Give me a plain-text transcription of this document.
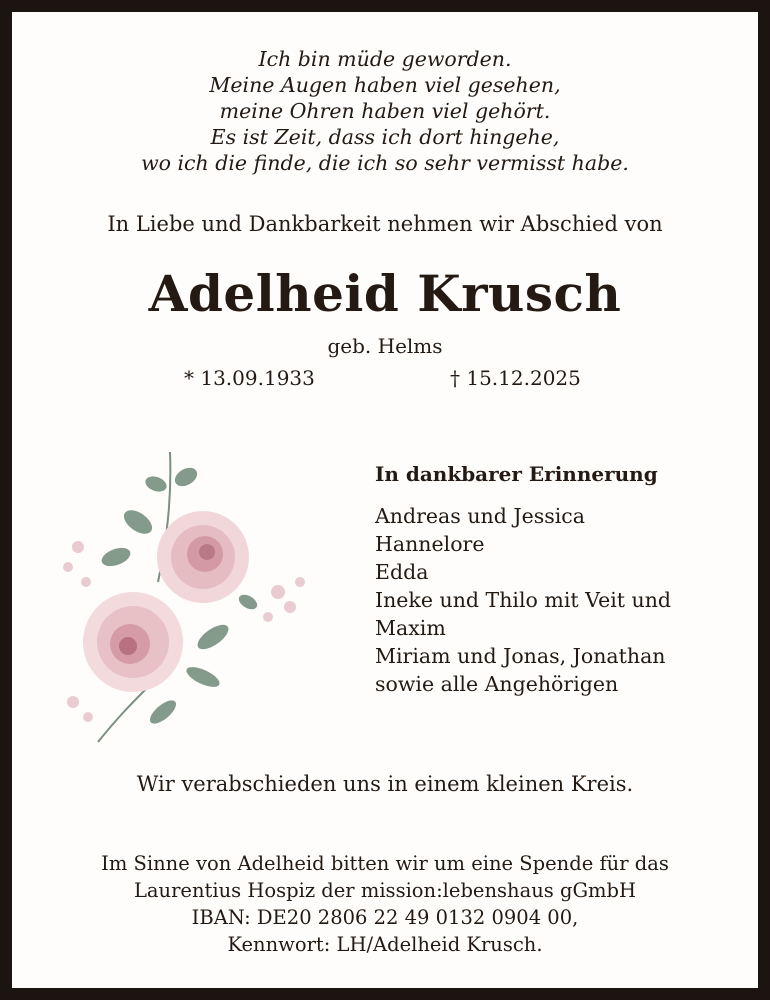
Ich bin müde geworden.
Meine Augen haben viel gesehen,
meine Ohren haben viel gehört.
Es ist Zeit, dass ich dort hingehe,
wo ich die finde, die ich so sehr vermisst habe.
In Liebe und Dankbarkeit nehmen wir Abschied von
Adelheid Krusch
geb. Helms
* 13.09.1933	† 15.12.2025
In dankbarer Erinnerung
Andreas und Jessica
Hannelore
Edda
Ineke und Thilo mit Veit und
Maxim
Miriam und Jonas, Jonathan
sowie alle Angehörigen
Wir verabschieden uns in einem kleinen Kreis.
Im Sinne von Adelheid bitten wir um eine Spende für das
Laurentius Hospiz der mission:lebenshaus gGmbH
IBAN: DE20 2806 22 49 0132 0904 00,
Kennwort: LH/Adelheid Krusch.
